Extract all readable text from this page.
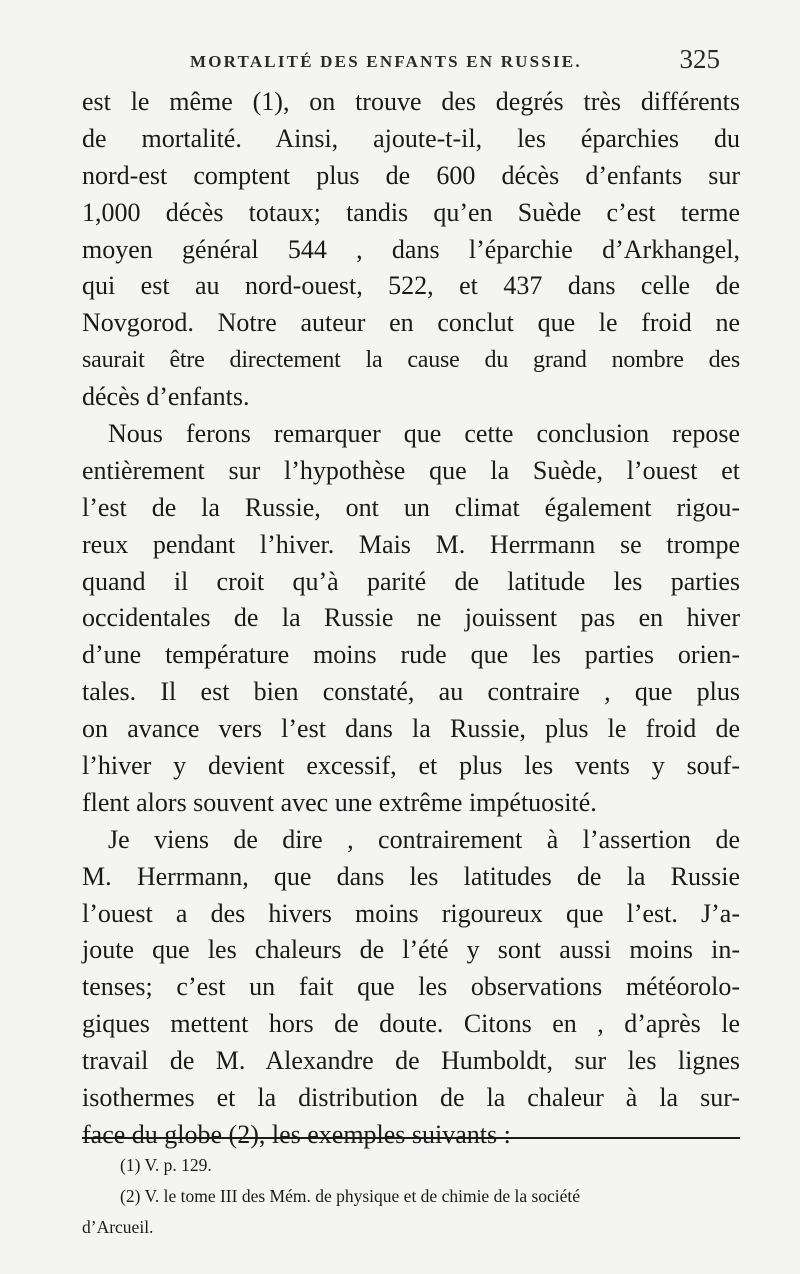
MORTALITÉ DES ENFANTS EN RUSSIE.	325
est le même (1), on trouve des degrés très différents
de mortalité. Ainsi, ajoute-t-il, les éparchies du
nord-est comptent plus de 600 décès d’enfants sur
1,000 décès totaux; tandis qu’en Suède c’est terme
moyen général 544 , dans l’éparchie d’Arkhangel,
qui est au nord-ouest, 522, et 437 dans celle de
Novgorod. Notre auteur en conclut que le froid ne
saurait être directement la cause du grand nombre des
décès d’enfants.
Nous ferons remarquer que cette conclusion repose
entièrement sur l’hypothèse que la Suède, l’ouest et
l’est de la Russie, ont un climat également rigou-
reux pendant l’hiver. Mais M. Herrmann se trompe
quand il croit qu’à parité de latitude les parties
occidentales de la Russie ne jouissent pas en hiver
d’une température moins rude que les parties orien-
tales. Il est bien constaté, au contraire , que plus
on avance vers l’est dans la Russie, plus le froid de
l’hiver y devient excessif, et plus les vents y souf-
flent alors souvent avec une extrême impétuosité.
Je viens de dire , contrairement à l’assertion de
M. Herrmann, que dans les latitudes de la Russie
l’ouest a des hivers moins rigoureux que l’est. J’a-
joute que les chaleurs de l’été y sont aussi moins in-
tenses; c’est un fait que les observations météorolo-
giques mettent hors de doute. Citons en , d’après le
travail de M. Alexandre de Humboldt, sur les lignes
isothermes et la distribution de la chaleur à la sur-
face du globe (2), les exemples suivants :
(1) V. p. 129.
(2) V. le tome III des Mém. de physique et de chimie de la société
d’Arcueil.
